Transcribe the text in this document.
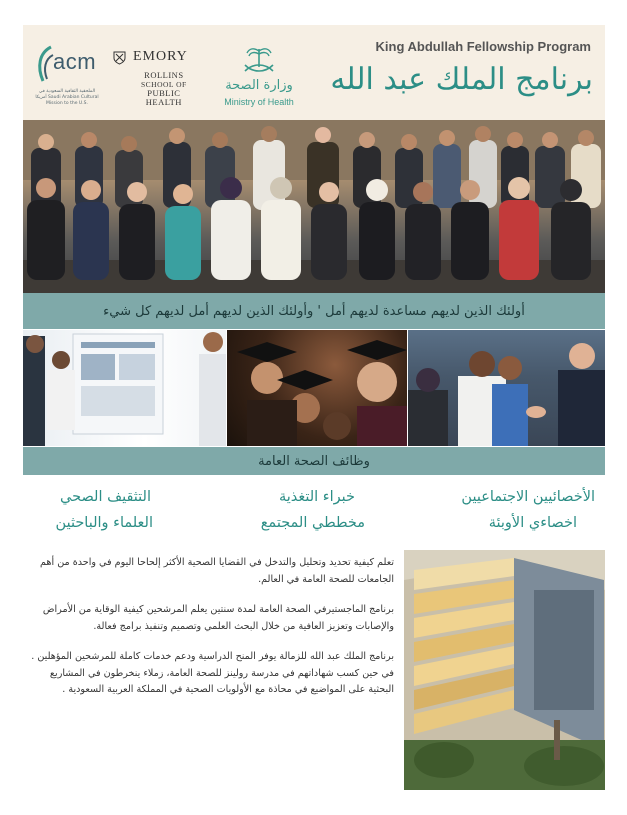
acm
الملحقية الثقافية السعودية في أمريكا Saudi Arabian Cultural Mission to the U.S.
EMORY
ROLLINS
SCHOOL OF
PUBLIC
HEALTH
وزارة الصحة
Ministry of Health
King Abdullah Fellowship Program
برنامج الملك عبد الله
أولئك الذين لديهم مساعدة لديهم أمل ' وأولئك الذين لديهم أمل لديهم كل شيء
وظائف الصحة العامة
الأخصائيين الاجتماعيين
اخصاءي الأوبئة
خبراء التغذية
مخططي المجتمع
التثقيف الصحي
العلماء والباحثين

تعلم كيفية تحديد وتحليل والتدخل في القضايا الصحية الأكثر إلحاحا اليوم في واحدة من أهم الجامعات للصحة العامة في العالم.

برنامج الماجستيرفي الصحة العامة لمدة سنتين يعلم المرشحين كيفية الوقاية من الأمراض والإصابات وتعزيز العافية من خلال البحث العلمي وتصميم وتنفيذ برامج فعالة.

برنامج الملك عبد الله للزمالة يوفر المنح الدراسية ودعم خدمات كاملة للمرشحين المؤهلين . في حين كسب شهاداتهم في مدرسة رولينز للصحة العامة، زملاء ينخرطون في المشاريع البحثية على المواضيع في محاذة مع الأولويات الصحية في المملكة العربية السعودية .
